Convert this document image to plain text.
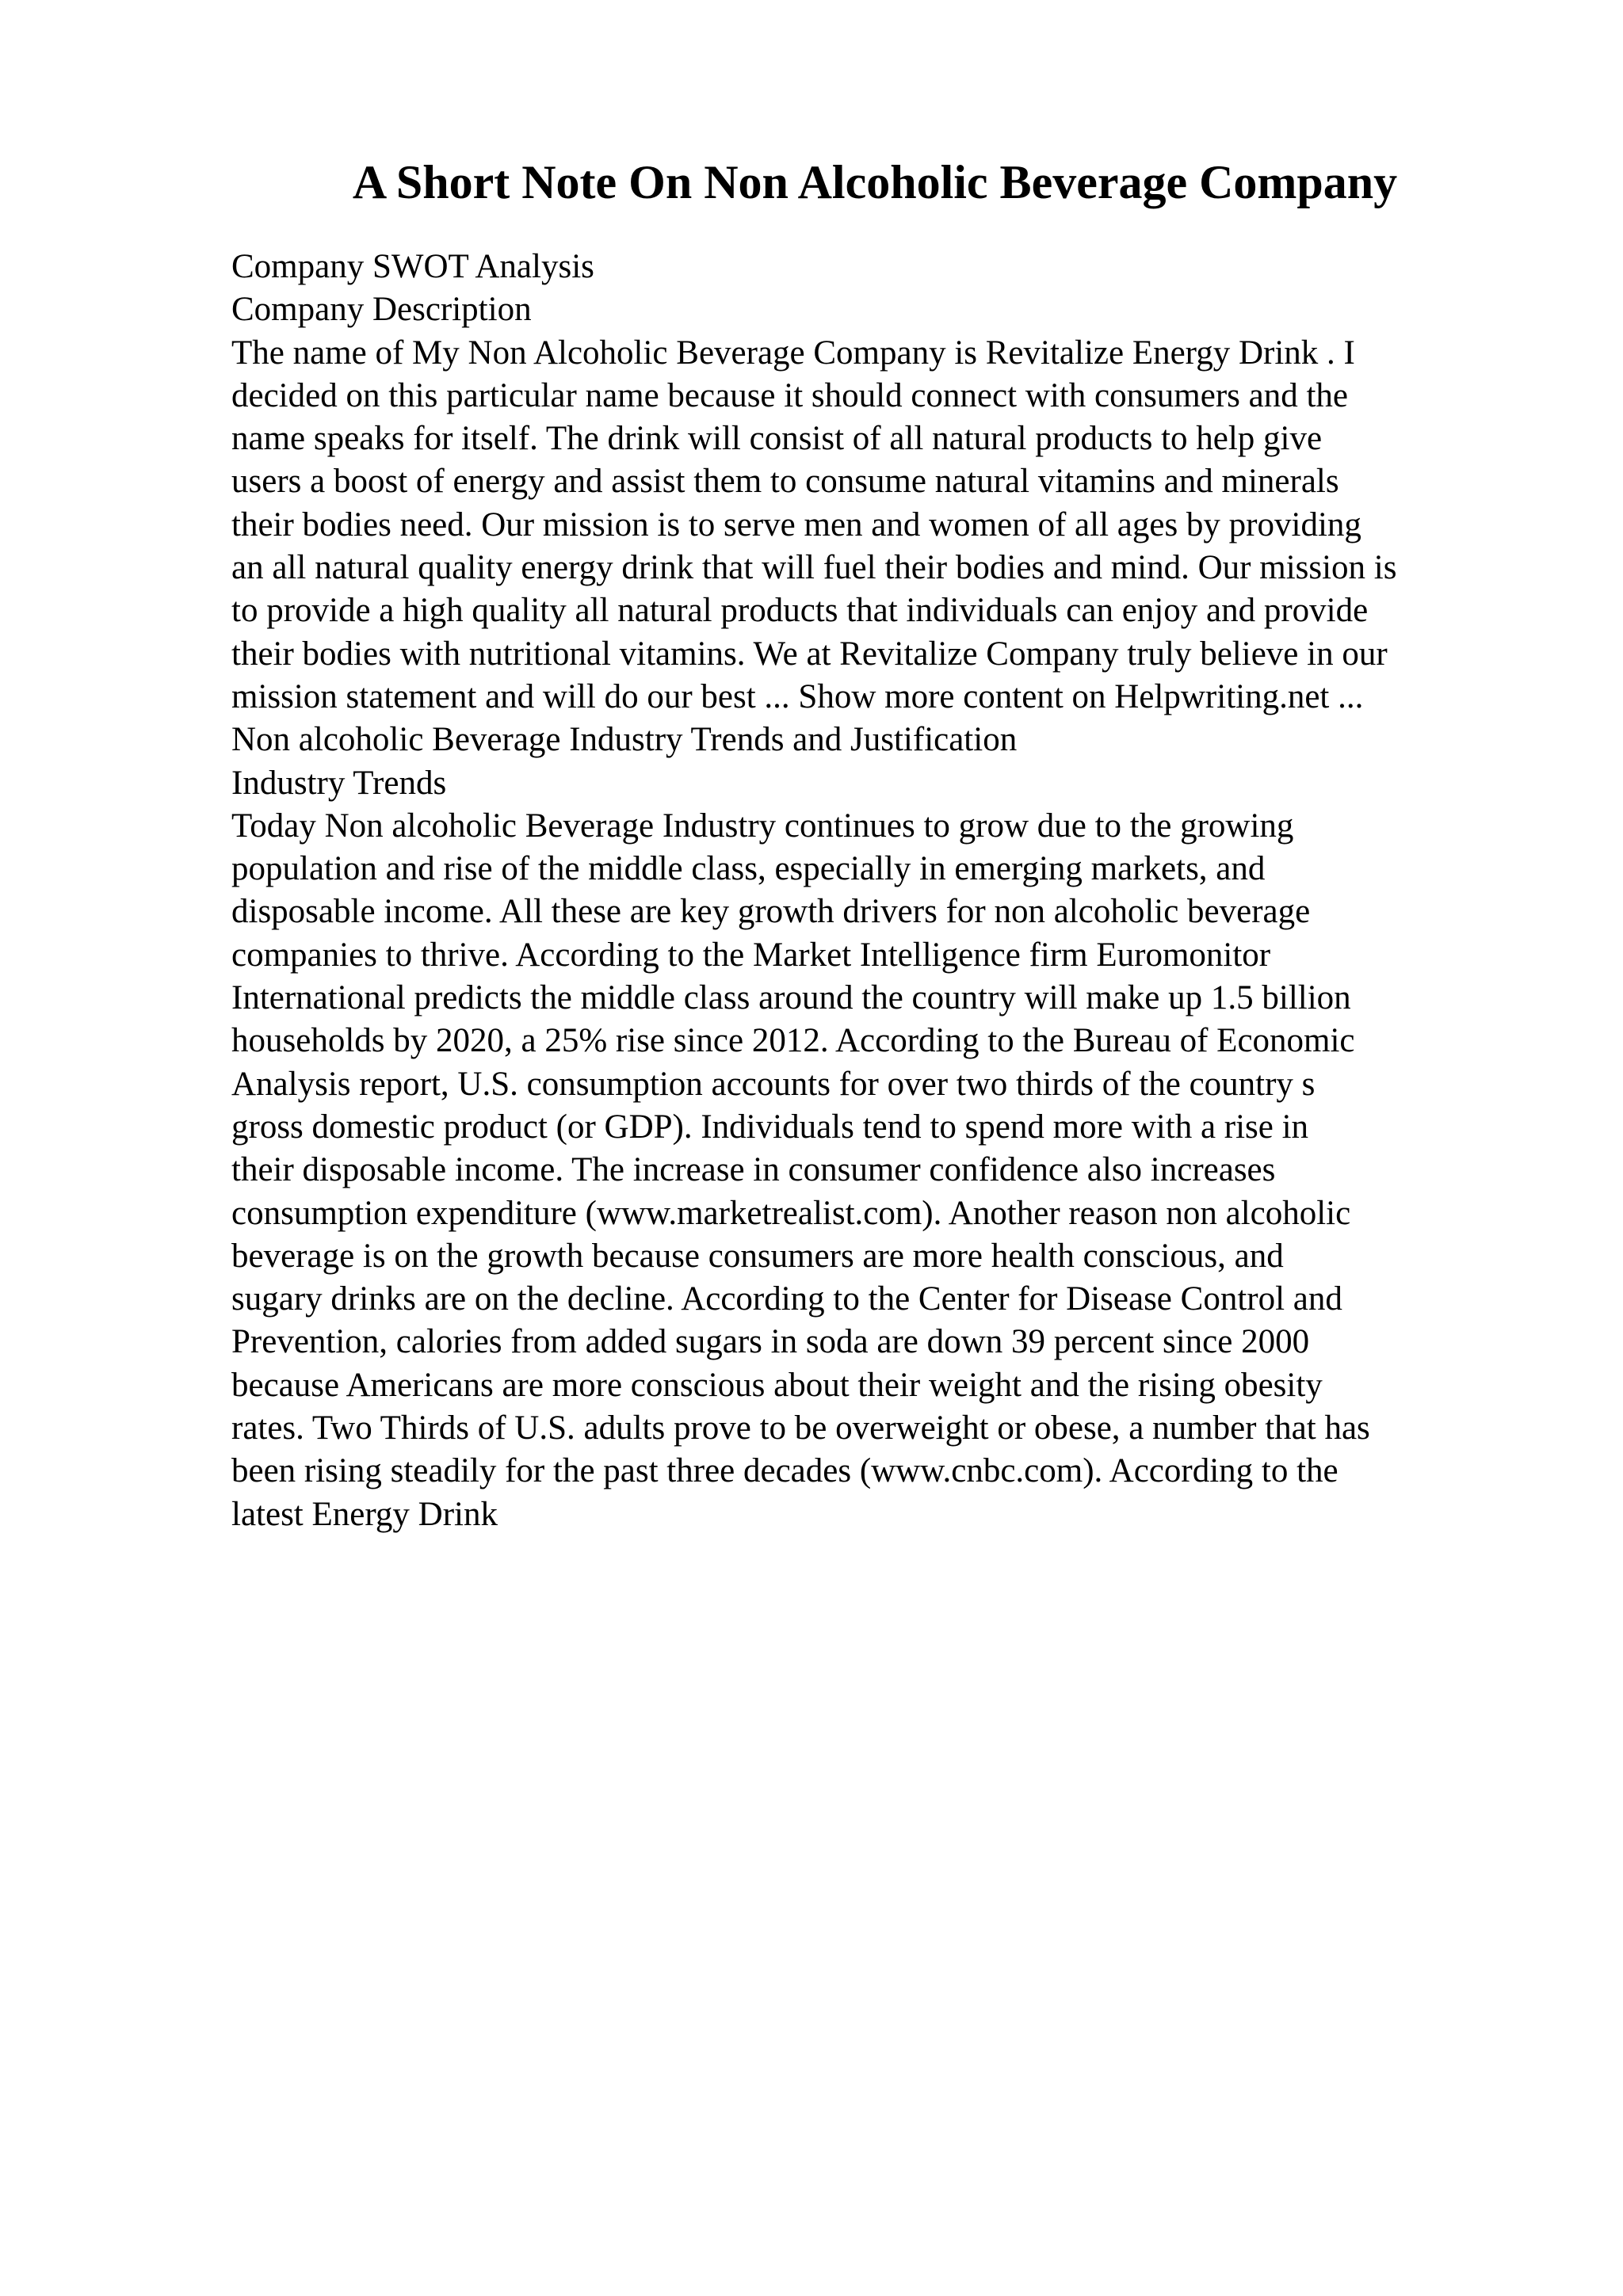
A Short Note On Non Alcoholic Beverage Company
Company SWOT Analysis
Company Description
The name of My Non Alcoholic Beverage Company is Revitalize Energy Drink . I
decided on this particular name because it should connect with consumers and the
name speaks for itself. The drink will consist of all natural products to help give
users a boost of energy and assist them to consume natural vitamins and minerals
their bodies need. Our mission is to serve men and women of all ages by providing
an all natural quality energy drink that will fuel their bodies and mind. Our mission is
to provide a high quality all natural products that individuals can enjoy and provide
their bodies with nutritional vitamins. We at Revitalize Company truly believe in our
mission statement and will do our best ... Show more content on Helpwriting.net ...
Non alcoholic Beverage Industry Trends and Justification
Industry Trends
Today Non alcoholic Beverage Industry continues to grow due to the growing
population and rise of the middle class, especially in emerging markets, and
disposable income. All these are key growth drivers for non alcoholic beverage
companies to thrive. According to the Market Intelligence firm Euromonitor
International predicts the middle class around the country will make up 1.5 billion
households by 2020, a 25% rise since 2012. According to the Bureau of Economic
Analysis report, U.S. consumption accounts for over two thirds of the country s
gross domestic product (or GDP). Individuals tend to spend more with a rise in
their disposable income. The increase in consumer confidence also increases
consumption expenditure (www.marketrealist.com). Another reason non alcoholic
beverage is on the growth because consumers are more health conscious, and
sugary drinks are on the decline. According to the Center for Disease Control and
Prevention, calories from added sugars in soda are down 39 percent since 2000
because Americans are more conscious about their weight and the rising obesity
rates. Two Thirds of U.S. adults prove to be overweight or obese, a number that has
been rising steadily for the past three decades (www.cnbc.com). According to the
latest Energy Drink
